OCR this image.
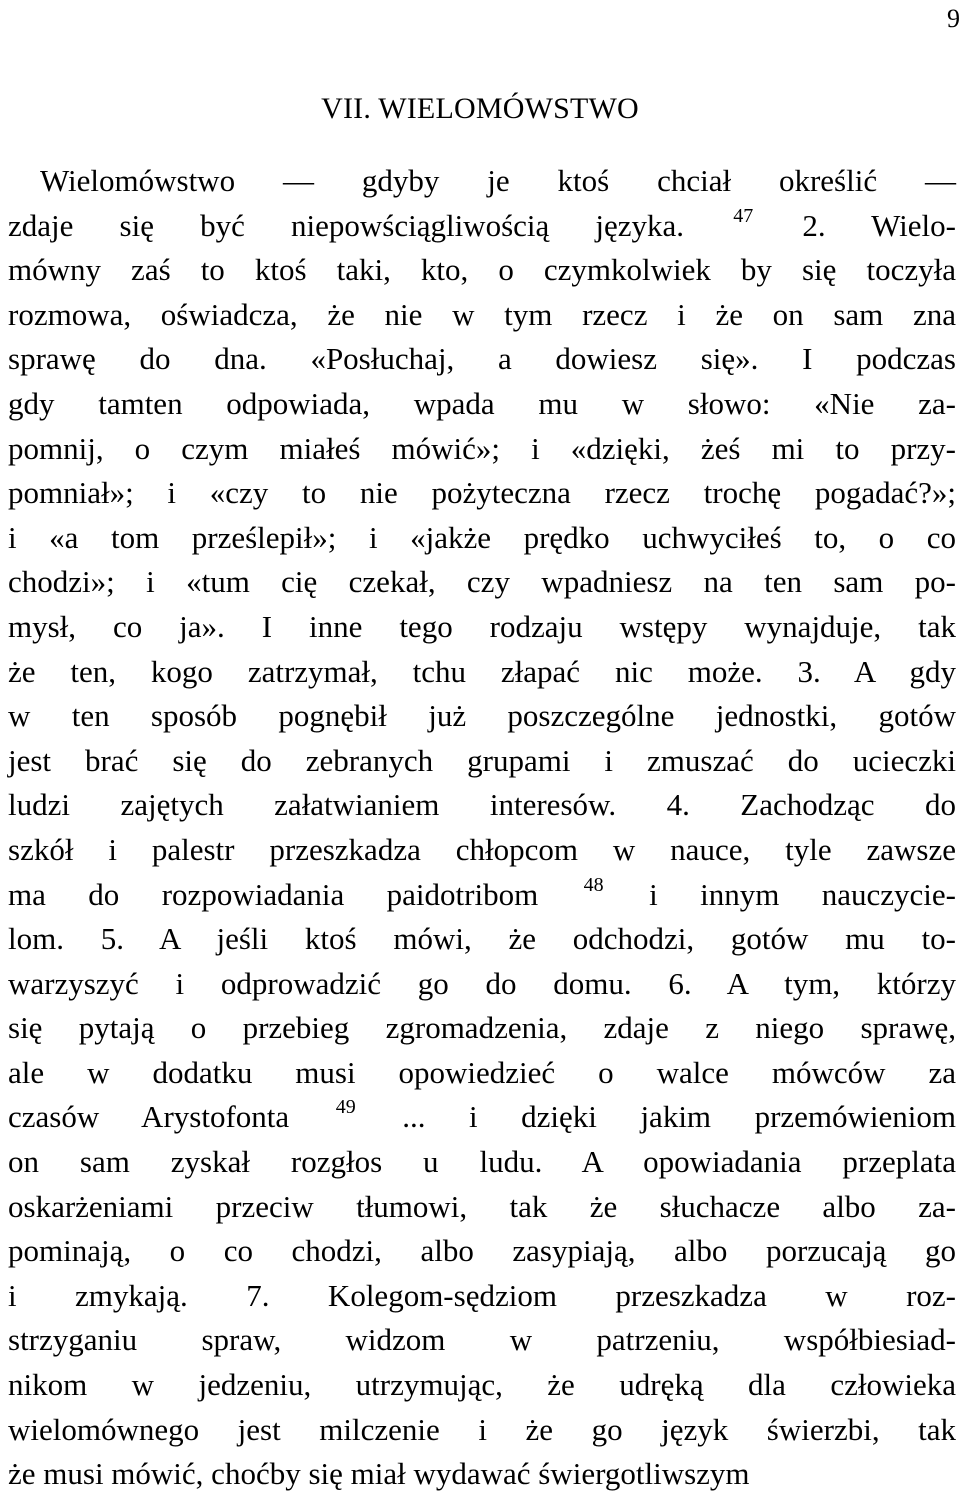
9
VII. WIELOMÓWSTWO
Wielomówstwo — gdyby je ktoś chciał określić —
zdaje się być niepowściągliwością języka. $^{47}$ 2. Wielo-
mówny zaś to ktoś taki, kto, o czymkolwiek by się toczyła
rozmowa, oświadcza, że nie w tym rzecz i że on sam zna
sprawę do dna. «Posłuchaj, a dowiesz się». I podczas
gdy tamten odpowiada, wpada mu w słowo: «Nie za-
pomnij, o czym miałeś mówić»; i «dzięki, żeś mi to przy-
pomniał»; i «czy to nie pożyteczna rzecz trochę pogadać?»;
i «a tom prześlepił»; i «jakże prędko uchwyciłeś to, o co
chodzi»; i «tum cię czekał, czy wpadniesz na ten sam po-
mysł, co ja». I inne tego rodzaju wstępy wynajduje, tak
że ten, kogo zatrzymał, tchu złapać nic może. 3. A gdy
w ten sposób pognębił już poszczególne jednostki, gotów
jest brać się do zebranych grupami i zmuszać do ucieczki
ludzi zajętych załatwianiem interesów. 4. Zachodząc do
szkół i palestr przeszkadza chłopcom w nauce, tyle zawsze
ma do rozpowiadania paidotribom $^{48}$ i innym nauczycie-
lom. 5. A jeśli ktoś mówi, że odchodzi, gotów mu to-
warzyszyć i odprowadzić go do domu. 6. A tym, którzy
się pytają o przebieg zgromadzenia, zdaje z niego sprawę,
ale w dodatku musi opowiedzieć o walce mówców za
czasów Arystofonta $^{49}$ ... i dzięki jakim przemówieniom
on sam zyskał rozgłos u ludu. A opowiadania przeplata
oskarżeniami przeciw tłumowi, tak że słuchacze albo za-
pominają, o co chodzi, albo zasypiają, albo porzucają go
i zmykają. 7. Kolegom-sędziom przeszkadza w roz-
strzyganiu spraw, widzom w patrzeniu, współbiesiad-
nikom w jedzeniu, utrzymując, że udręką dla człowieka
wielomównego jest milczenie i że go język świerzbi, tak
że musi mówić, choćby się miał wydawać świergotliwszym
